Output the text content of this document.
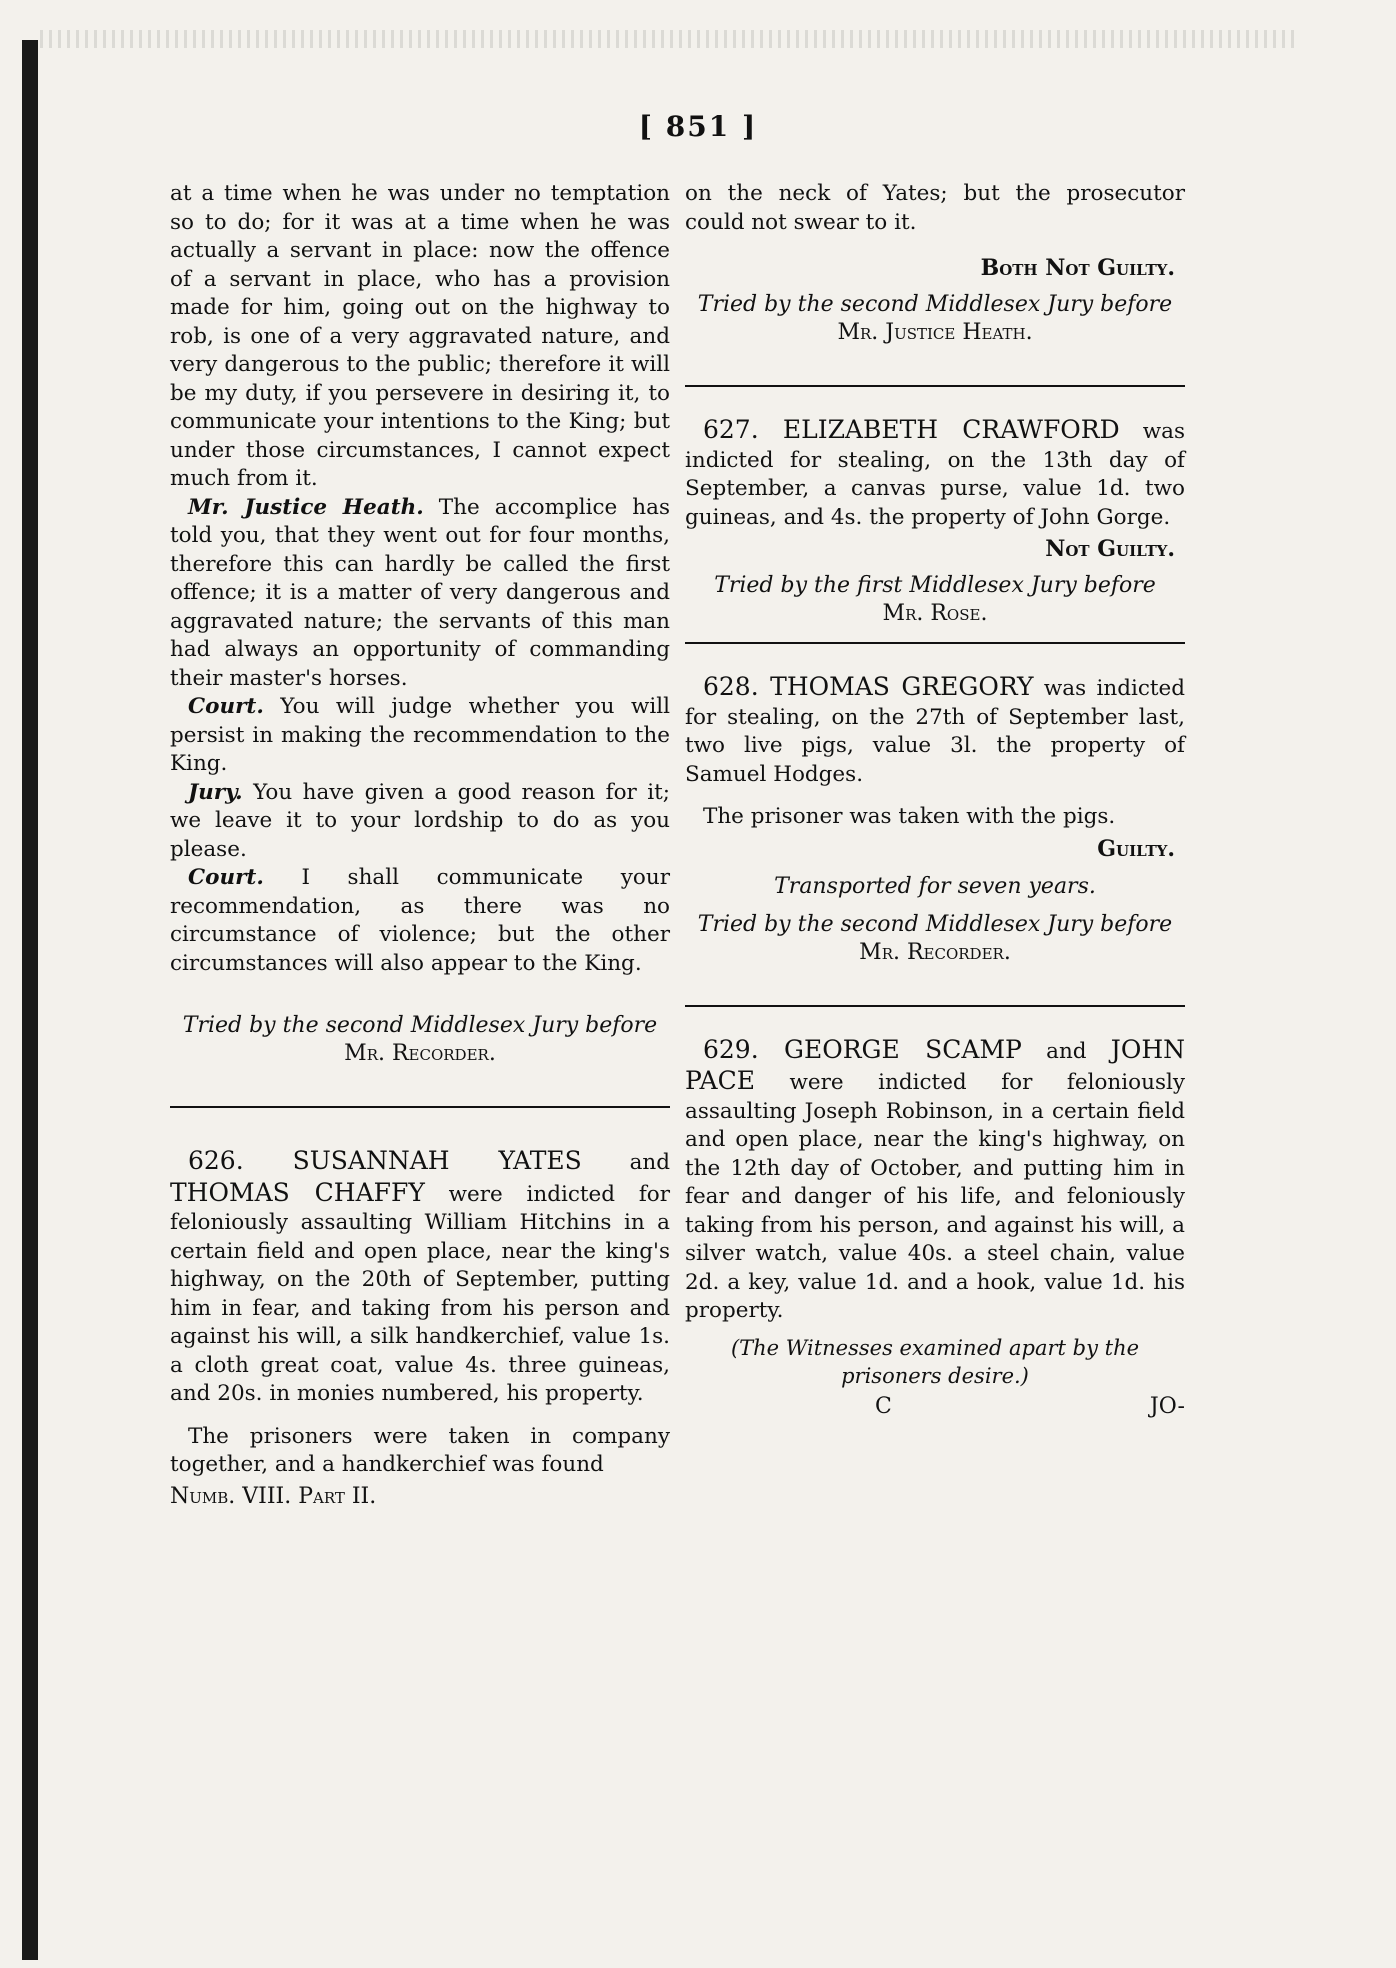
[ 851 ]

at a time when he was under no temptation so to do; for it was at a time when he was actually a servant in place: now the offence of a servant in place, who has a provision made for him, going out on the highway to rob, is one of a very aggravated nature, and very dangerous to the public; therefore it will be my duty, if you persevere in desiring it, to communicate your intentions to the King; but under those circumstances, I cannot expect much from it.

Mr. Justice Heath. The accomplice has told you, that they went out for four months, therefore this can hardly be called the first offence; it is a matter of very dangerous and aggravated nature; the servants of this man had always an opportunity of commanding their master's horses.

Court. You will judge whether you will persist in making the recommendation to the King.

Jury. You have given a good reason for it; we leave it to your lordship to do as you please.

Court. I shall communicate your recommendation, as there was no circumstance of violence; but the other circumstances will also appear to the King.

Tried by the second Middlesex Jury before
Mr. Recorder.

626. SUSANNAH YATES and THOMAS CHAFFY were indicted for feloniously assaulting William Hitchins in a certain field and open place, near the king's highway, on the 20th of September, putting him in fear, and taking from his person and against his will, a silk handkerchief, value 1s. a cloth great coat, value 4s. three guineas, and 20s. in monies numbered, his property.

The prisoners were taken in company together, and a handkerchief was found

Numb. VIII. Part II.

on the neck of Yates; but the prosecutor could not swear to it.

Both Not Guilty.
Tried by the second Middlesex Jury before
Mr. Justice Heath.

627. ELIZABETH CRAWFORD was indicted for stealing, on the 13th day of September, a canvas purse, value 1d. two guineas, and 4s. the property of John Gorge.

Not Guilty.
Tried by the first Middlesex Jury before
Mr. Rose.

628. THOMAS GREGORY was indicted for stealing, on the 27th of September last, two live pigs, value 3l. the property of Samuel Hodges.

The prisoner was taken with the pigs.

Guilty.
Transported for seven years.
Tried by the second Middlesex Jury before
Mr. Recorder.

629. GEORGE SCAMP and JOHN PACE were indicted for feloniously assaulting Joseph Robinson, in a certain field and open place, near the king's highway, on the 12th day of October, and putting him in fear and danger of his life, and feloniously taking from his person, and against his will, a silver watch, value 40s. a steel chain, value 2d. a key, value 1d. and a hook, value 1d. his property.

(The Witnesses examined apart by the prisoners desire.)
C	JO-
